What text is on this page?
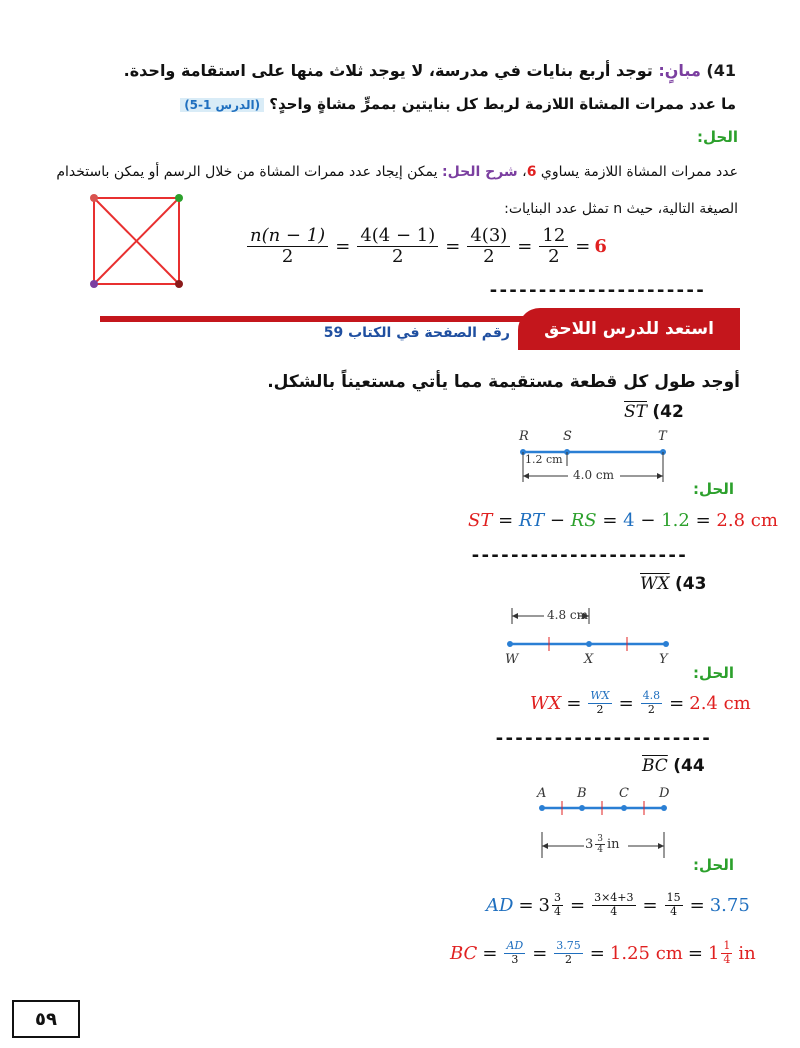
41) مبانٍ: توجد أربع بنايات في مدرسة، لا يوجد ثلاث منها على استقامة واحدة.
ما عدد ممرات المشاة اللازمة لربط كل بنايتين بممرٍّ مشاةٍ واحدٍ؟ (الدرس 1-5)
الحل:
عدد ممرات المشاة اللازمة يساوي 6، شرح الحل: يمكن إيجاد عدد ممرات المشاة من خلال الرسم أو يمكن باستخدام
الصيغة التالية، حيث n تمثل عدد البنايات:
$\frac{n(n - 1)}{2} = \frac{4(4 - 1)}{2} = \frac{4(3)}{2} = \frac{12}{2} = 6$
----------------------
استعد للدرس اللاحق
رقم الصفحة في الكتاب 59
أوجد طول كل قطعة مستقيمة مما يأتي مستعيناً بالشكل.
$\overline{ST}$ (42
R	S	T
1.2 cm
4.0 cm
الحل:
ST = RT − RS = 4 − 1.2 = 2.8 cm
----------------------
$\overline{WX}$ (43
4.8 cm
W	X	Y
الحل:
WX = $\frac{WX}{2} = \frac{4.8}{2} = 2.4$ cm
----------------------
$\overline{BC}$ (44
A B C D
$3 \frac{3}{4}$ in
الحل:
AD = $3 \frac{3}{4} = \frac{3\times 4+3}{4} = \frac{15}{4} = 3.75$
BC = $\frac{AD}{3} = \frac{3.75}{2} = 1.25$ cm = 1 1
4 in
٥٩
